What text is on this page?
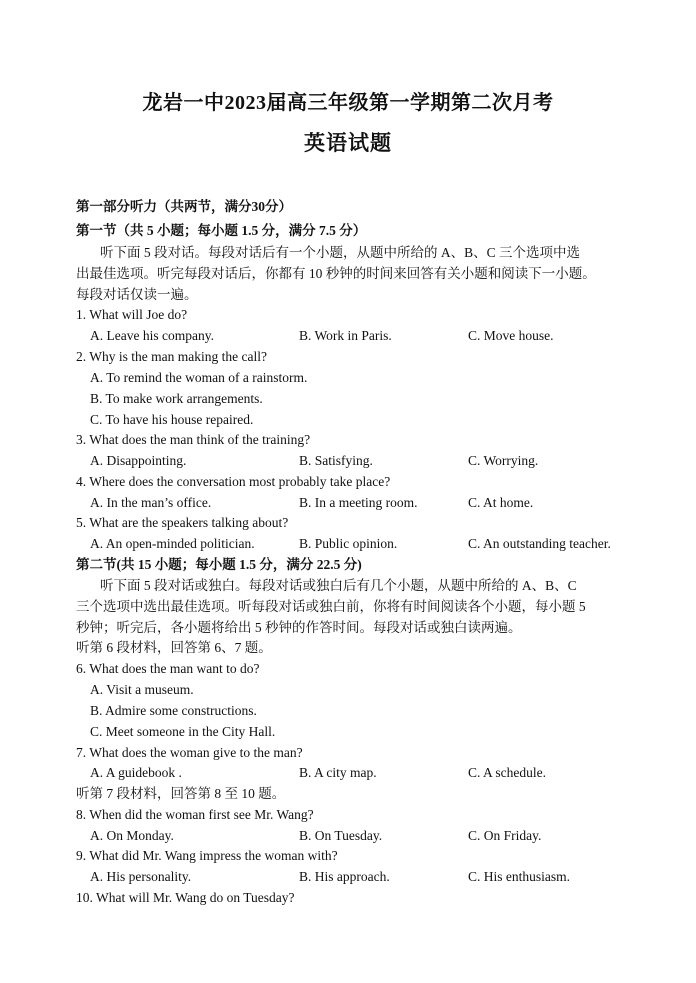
龙岩一中2023届高三年级第一学期第二次月考
英语试题
第一部分听力（共两节，满分30分）
第一节（共 5 小题；每小题 1.5 分，满分 7.5 分）
听下面 5 段对话。每段对话后有一个小题，从题中所给的 A、B、C 三个选项中选
出最佳选项。听完每段对话后，你都有 10 秒钟的时间来回答有关小题和阅读下一小题。
每段对话仅读一遍。
1. What will Joe do?
A. Leave his company.	B. Work in Paris.	C. Move house.
2. Why is the man making the call?
A. To remind the woman of a rainstorm.
B. To make work arrangements.
C. To have his house repaired.
3. What does the man think of the training?
A. Disappointing.	B. Satisfying.	C. Worrying.
4. Where does the conversation most probably take place?
A. In the man’s office.	B. In a meeting room.	C. At home.
5. What are the speakers talking about?
A. An open-minded politician.	B. Public opinion.	C. An outstanding teacher.
第二节(共 15 小题；每小题 1.5 分，满分 22.5 分)
听下面 5 段对话或独白。每段对话或独白后有几个小题，从题中所给的 A、B、C
三个选项中选出最佳选项。听每段对话或独白前，你将有时间阅读各个小题，每小题 5
秒钟；听完后，各小题将给出 5 秒钟的作答时间。每段对话或独白读两遍。
听第 6 段材料，回答第 6、7 题。
6. What does the man want to do?
A. Visit a museum.
B. Admire some constructions.
C. Meet someone in the City Hall.
7. What does the woman give to the man?
A. A guidebook .	B. A city map.	C. A schedule.
听第 7 段材料，回答第 8 至 10 题。
8. When did the woman first see Mr. Wang?
A. On Monday.	B. On Tuesday.	C. On Friday.
9. What did Mr. Wang impress the woman with?
A. His personality.	B. His approach.	C. His enthusiasm.
10. What will Mr. Wang do on Tuesday?
